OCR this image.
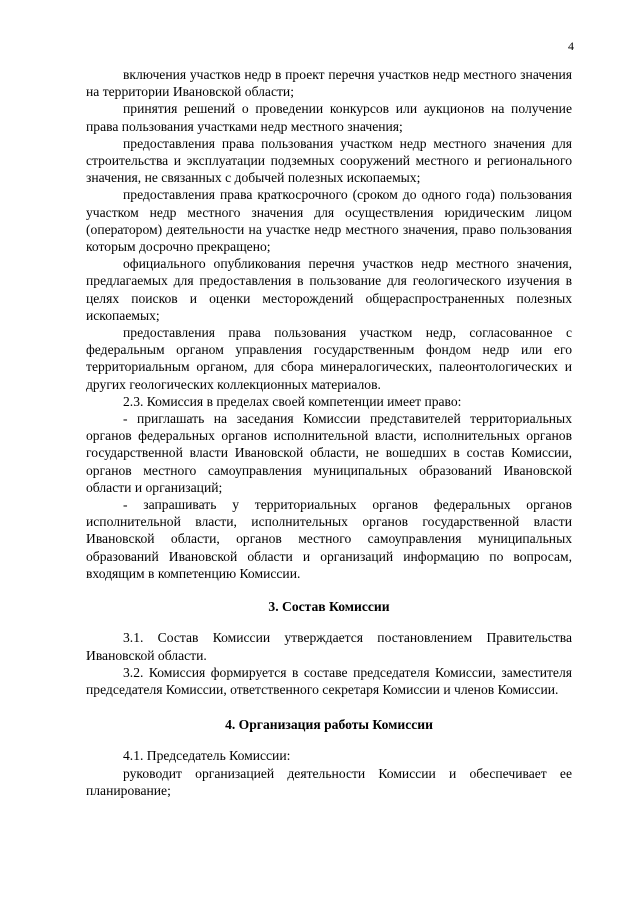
4

включения участков недр в проект перечня участков недр местного значения на территории Ивановской области;

принятия решений о проведении конкурсов или аукционов на получение права пользования участками недр местного значения;

предоставления права пользования участком недр местного значения для строительства и эксплуатации подземных сооружений местного и регионального значения, не связанных с добычей полезных ископаемых;

предоставления права краткосрочного (сроком до одного года) пользования участком недр местного значения для осуществления юридическим лицом (оператором) деятельности на участке недр местного значения, право пользования которым досрочно прекращено;

официального опубликования перечня участков недр местного значения, предлагаемых для предоставления в пользование для геологического изучения в целях поисков и оценки месторождений общераспространенных полезных ископаемых;

предоставления права пользования участком недр, согласованное с федеральным органом управления государственным фондом недр или его территориальным органом, для сбора минералогических, палеонтологических и других геологических коллекционных материалов.

2.3. Комиссия в пределах своей компетенции имеет право:

- приглашать на заседания Комиссии представителей территориальных органов федеральных органов исполнительной власти, исполнительных органов государственной власти Ивановской области, не вошедших в состав Комиссии, органов местного самоуправления муниципальных образований Ивановской области и организаций;

- запрашивать у территориальных органов федеральных органов исполнительной власти, исполнительных органов государственной власти Ивановской области, органов местного самоуправления муниципальных образований Ивановской области и организаций информацию по вопросам, входящим в компетенцию Комиссии.

3. Состав Комиссии

3.1. Состав Комиссии утверждается постановлением Правительства Ивановской области.

3.2. Комиссия формируется в составе председателя Комиссии, заместителя председателя Комиссии, ответственного секретаря Комиссии и членов Комиссии.

4. Организация работы Комиссии

4.1. Председатель Комиссии:

руководит организацией деятельности Комиссии и обеспечивает ее планирование;
